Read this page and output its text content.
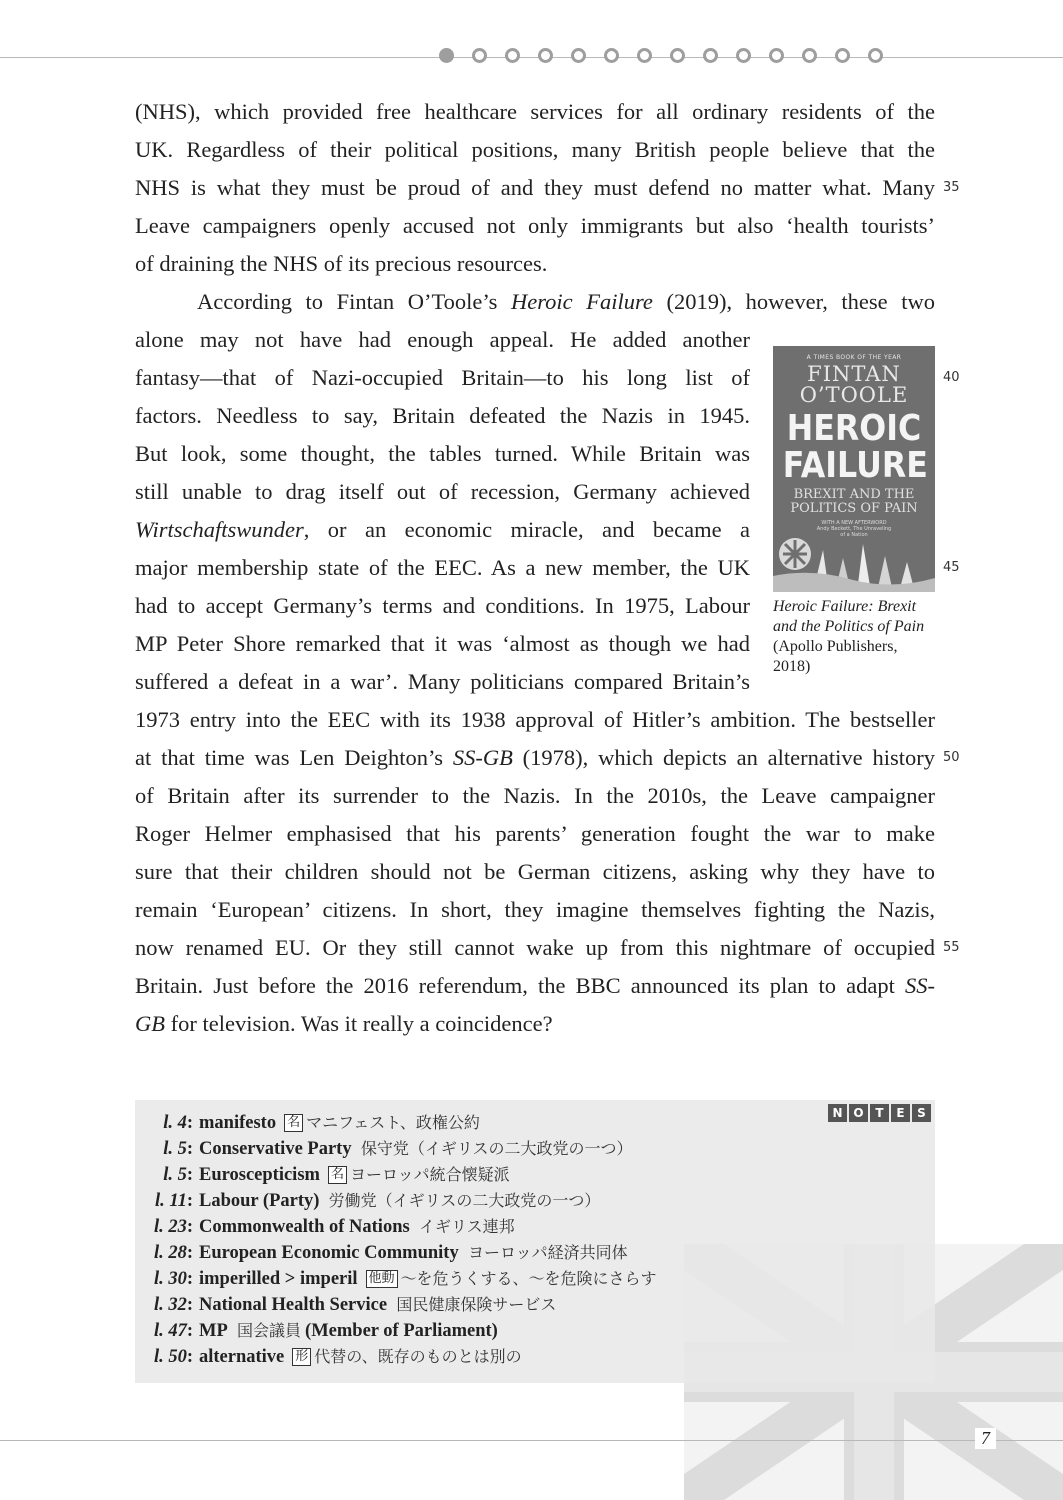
(NHS), which provided free healthcare services for all ordinary residents of the
UK. Regardless of their political positions, many British people believe that the
NHS is what they must be proud of and they must defend no matter what. Many
Leave campaigners openly accused not only immigrants but also ‘health tourists’
of draining the NHS of its precious resources.
According to Fintan O’Toole’s Heroic Failure (2019), however, these two
alone may not have had enough appeal. He added another
fantasy—that of Nazi-occupied Britain—to his long list of
factors. Needless to say, Britain defeated the Nazis in 1945.
But look, some thought, the tables turned. While Britain was
still unable to drag itself out of recession, Germany achieved
Wirtschaftswunder, or an economic miracle, and became a
major membership state of the EEC. As a new member, the UK
had to accept Germany’s terms and conditions. In 1975, Labour
MP Peter Shore remarked that it was ‘almost as though we had
suffered a defeat in a war’. Many politicians compared Britain’s
1973 entry into the EEC with its 1938 approval of Hitler’s ambition. The bestseller
at that time was Len Deighton’s SS-GB (1978), which depicts an alternative history
of Britain after its surrender to the Nazis. In the 2010s, the Leave campaigner
Roger Helmer emphasised that his parents’ generation fought the war to make
sure that their children should not be German citizens, asking why they have to
remain ‘European’ citizens. In short, they imagine themselves fighting the Nazis,
now renamed EU. Or they still cannot wake up from this nightmare of occupied
Britain. Just before the 2016 referendum, the BBC announced its plan to adapt SS-
GB for television. Was it really a coincidence?
35
40
45
50
55
A TIMES BOOK OF THE YEAR
FINTAN
O’TOOLE
HEROIC
FAILURE
BREXIT AND THE
POLITICS OF PAIN
WITH A NEW AFTERWORD
Andy Beckett, The Unraveling
of a Nation
Heroic Failure: Brexit
and the Politics of Pain
(Apollo Publishers,
2018)
N O T	E	S
l. 4: manifesto 名 マニフェスト、政権公約
l. 5: Conservative Party  保守党（イギリスの二大政党の一つ）
l. 5: Euroscepticism 名 ヨーロッパ統合懐疑派
l. 11: Labour (Party)  労働党（イギリスの二大政党の一つ）
l. 23: Commonwealth of Nations  イギリス連邦
l. 28: European Economic Community  ヨーロッパ経済共同体
l. 30: imperilled > imperil 他動 ～を危うくする、～を危険にさらす
l. 32: National Health Service  国民健康保険サービス
l. 47: MP  国会議員 (Member of Parliament)
l. 50: alternative 形 代替の、既存のものとは別の
7
